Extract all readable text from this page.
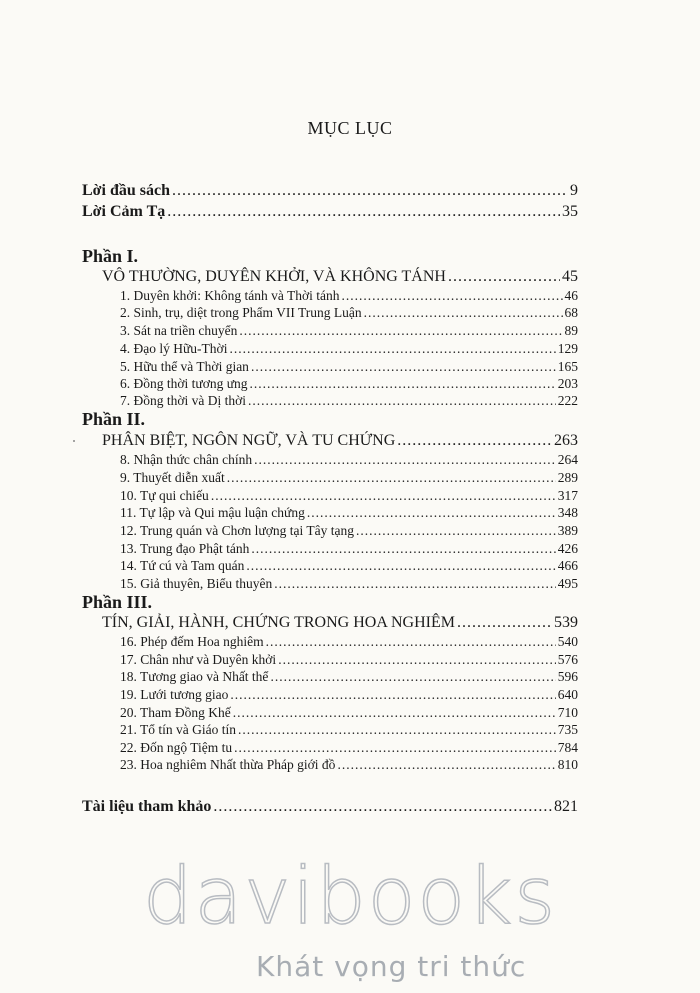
MỤC LỤC
Lời đầu sách .....	9
Lời Cảm Tạ .....	35
Phần I.
VÔ THƯỜNG, DUYÊN KHỞI, VÀ KHÔNG TÁNH .....	45
1. Duyên khởi: Không tánh và Thời tánh .....	46
2. Sinh, trụ, diệt trong Phẩm VII Trung Luận .....	68
3. Sát na triền chuyển .....	89
4. Đạo lý Hữu-Thời .....	129
5. Hữu thể và Thời gian .....	165
6. Đồng thời tương ưng .....	203
7. Đồng thời và Dị thời .....	222
Phần II.
PHÂN BIỆT, NGÔN NGỮ, VÀ TU CHỨNG .....	263
8. Nhận thức chân chính .....	264
9. Thuyết diễn xuất .....	289
10. Tự qui chiếu .....	317
11. Tự lập và Qui mậu luận chứng .....	348
12. Trung quán và Chơn lượng tại Tây tạng .....	389
13. Trung đạo Phật tánh .....	426
14. Tứ cú và Tam quán .....	466
15. Giả thuyên, Biểu thuyên .....	495
Phần III.
TÍN, GIẢI, HÀNH, CHỨNG TRONG HOA NGHIÊM .....	539
16. Phép đếm Hoa nghiêm .....	540
17. Chân như và Duyên khởi .....	576
18. Tương giao và Nhất thể .....	596
19. Lưới tương giao .....	640
20. Tham Đồng Khế .....	710
21. Tổ tín và Giáo tín .....	735
22. Đốn ngộ Tiệm tu .....	784
23. Hoa nghiêm Nhất thừa Pháp giới đồ .....	810
Tài liệu tham khảo .....	821
davibooks
Khát vọng tri thức
